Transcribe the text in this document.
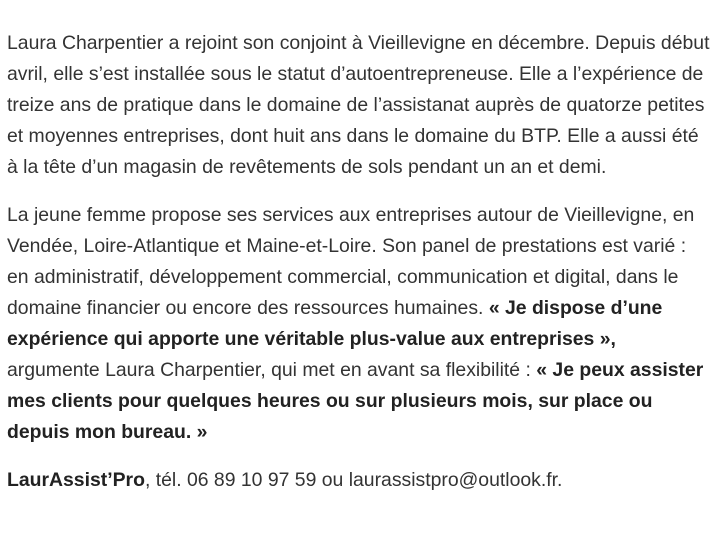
Laura Charpentier a rejoint son conjoint à Vieillevigne en décembre. Depuis début avril, elle s’est installée sous le statut d’autoentrepreneuse. Elle a l’expérience de treize ans de pratique dans le domaine de l’assistanat auprès de quatorze petites et moyennes entreprises, dont huit ans dans le domaine du BTP. Elle a aussi été à la tête d’un magasin de revêtements de sols pendant un an et demi.

La jeune femme propose ses services aux entreprises autour de Vieillevigne, en Vendée, Loire-Atlantique et Maine-et-Loire. Son panel de prestations est varié : en administratif, développement commercial, communication et digital, dans le domaine financier ou encore des ressources humaines. « Je dispose d’une expérience qui apporte une véritable plus-value aux entreprises », argumente Laura Charpentier, qui met en avant sa flexibilité : « Je peux assister mes clients pour quelques heures ou sur plusieurs mois, sur place ou depuis mon bureau. »

LaurAssist’Pro, tél. 06 89 10 97 59 ou laurassistpro@outlook.fr.
